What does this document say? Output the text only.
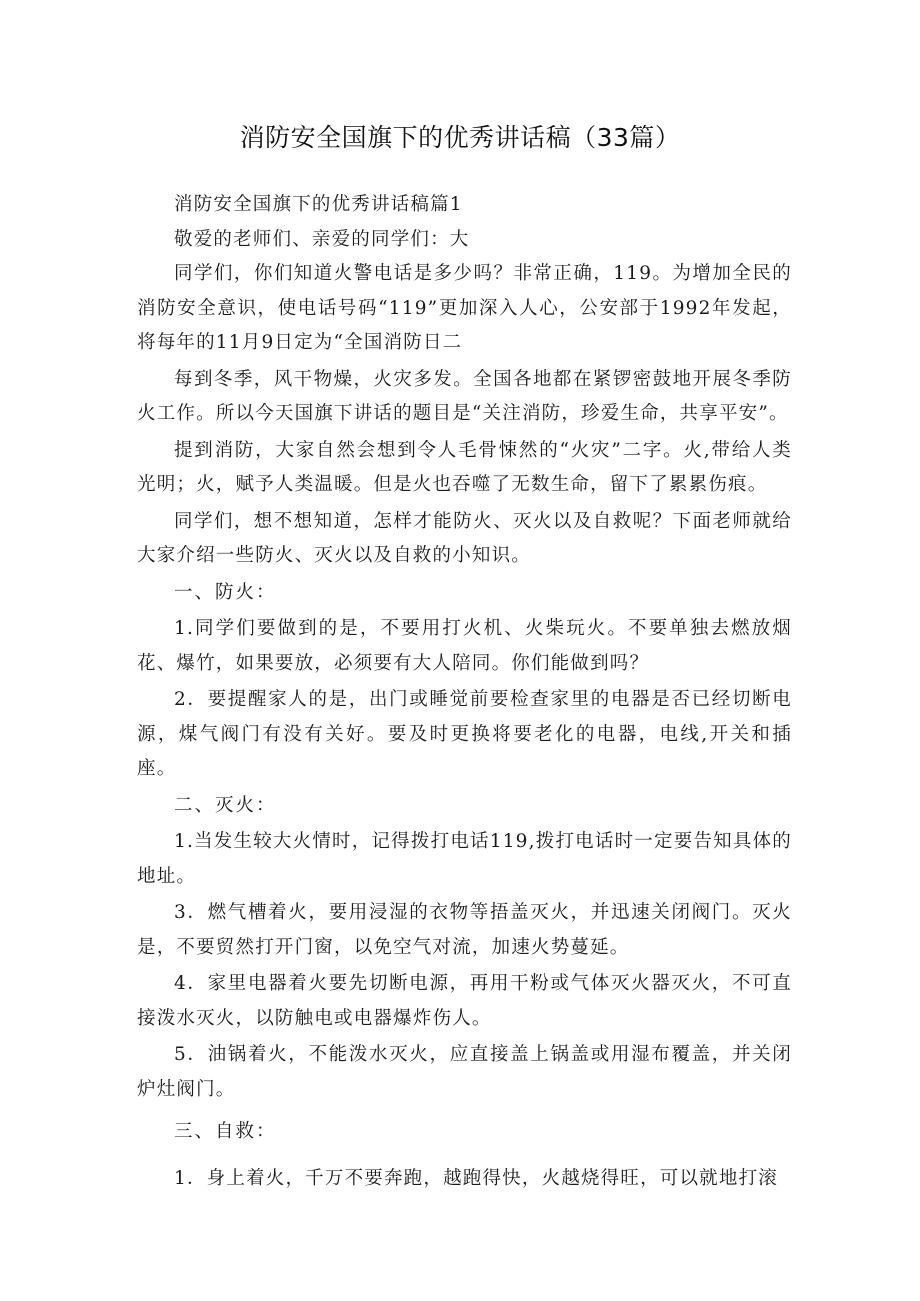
消防安全国旗下的优秀讲话稿（33篇）

消防安全国旗下的优秀讲话稿篇1

敬爱的老师们、亲爱的同学们：大

同学们，你们知道火警电话是多少吗？非常正确，119。为增加全民的消防安全意识，使电话号码“119”更加深入人心，公安部于1992年发起，将每年的11月9日定为“全国消防日二

每到冬季，风干物燥，火灾多发。全国各地都在紧锣密鼓地开展冬季防火工作。所以今天国旗下讲话的题目是“关注消防，珍爱生命，共享平安”。

提到消防，大家自然会想到令人毛骨悚然的“火灾”二字。火,带给人类光明；火，赋予人类温暖。但是火也吞噬了无数生命，留下了累累伤痕。

同学们，想不想知道，怎样才能防火、灭火以及自救呢？下面老师就给大家介绍一些防火、灭火以及自救的小知识。

一、防火：

1.同学们要做到的是，不要用打火机、火柴玩火。不要单独去燃放烟花、爆竹，如果要放，必须要有大人陪同。你们能做到吗？

2．要提醒家人的是，出门或睡觉前要检查家里的电器是否已经切断电源，煤气阀门有没有关好。要及时更换将要老化的电器，电线,开关和插座。

二、灭火：

1.当发生较大火情时，记得拨打电话119,拨打电话时一定要告知具体的地址。

3．燃气槽着火，要用浸湿的衣物等捂盖灭火，并迅速关闭阀门。灭火是，不要贸然打开门窗，以免空气对流，加速火势蔓延。

4．家里电器着火要先切断电源，再用干粉或气体灭火器灭火，不可直接泼水灭火，以防触电或电器爆炸伤人。

5．油锅着火，不能泼水灭火，应直接盖上锅盖或用湿布覆盖，并关闭炉灶阀门。

三、自救：

1．身上着火，千万不要奔跑，越跑得快，火越烧得旺，可以就地打滚
